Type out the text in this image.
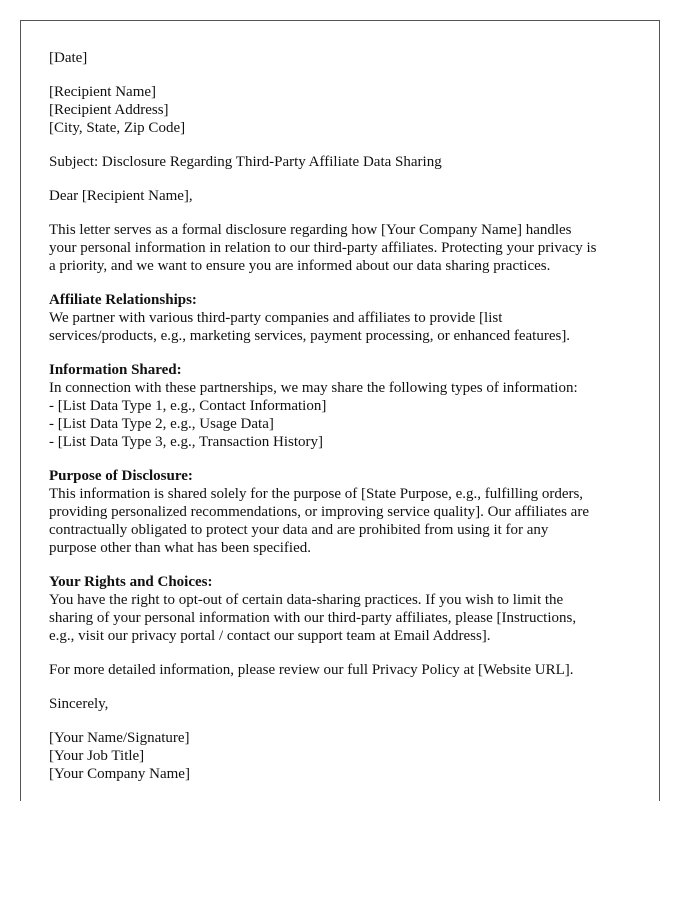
[Date]

[Recipient Name]
[Recipient Address]
[City, State, Zip Code]

Subject: Disclosure Regarding Third-Party Affiliate Data Sharing

Dear [Recipient Name],

This letter serves as a formal disclosure regarding how [Your Company Name] handles
your personal information in relation to our third-party affiliates. Protecting your privacy is
a priority, and we want to ensure you are informed about our data sharing practices.

Affiliate Relationships:
We partner with various third-party companies and affiliates to provide [list
services/products, e.g., marketing services, payment processing, or enhanced features].

Information Shared:
In connection with these partnerships, we may share the following types of information:
- [List Data Type 1, e.g., Contact Information]
- [List Data Type 2, e.g., Usage Data]
- [List Data Type 3, e.g., Transaction History]

Purpose of Disclosure:
This information is shared solely for the purpose of [State Purpose, e.g., fulfilling orders,
providing personalized recommendations, or improving service quality]. Our affiliates are
contractually obligated to protect your data and are prohibited from using it for any
purpose other than what has been specified.

Your Rights and Choices:
You have the right to opt-out of certain data-sharing practices. If you wish to limit the
sharing of your personal information with our third-party affiliates, please [Instructions,
e.g., visit our privacy portal / contact our support team at Email Address].

For more detailed information, please review our full Privacy Policy at [Website URL].

Sincerely,

[Your Name/Signature]
[Your Job Title]
[Your Company Name]
